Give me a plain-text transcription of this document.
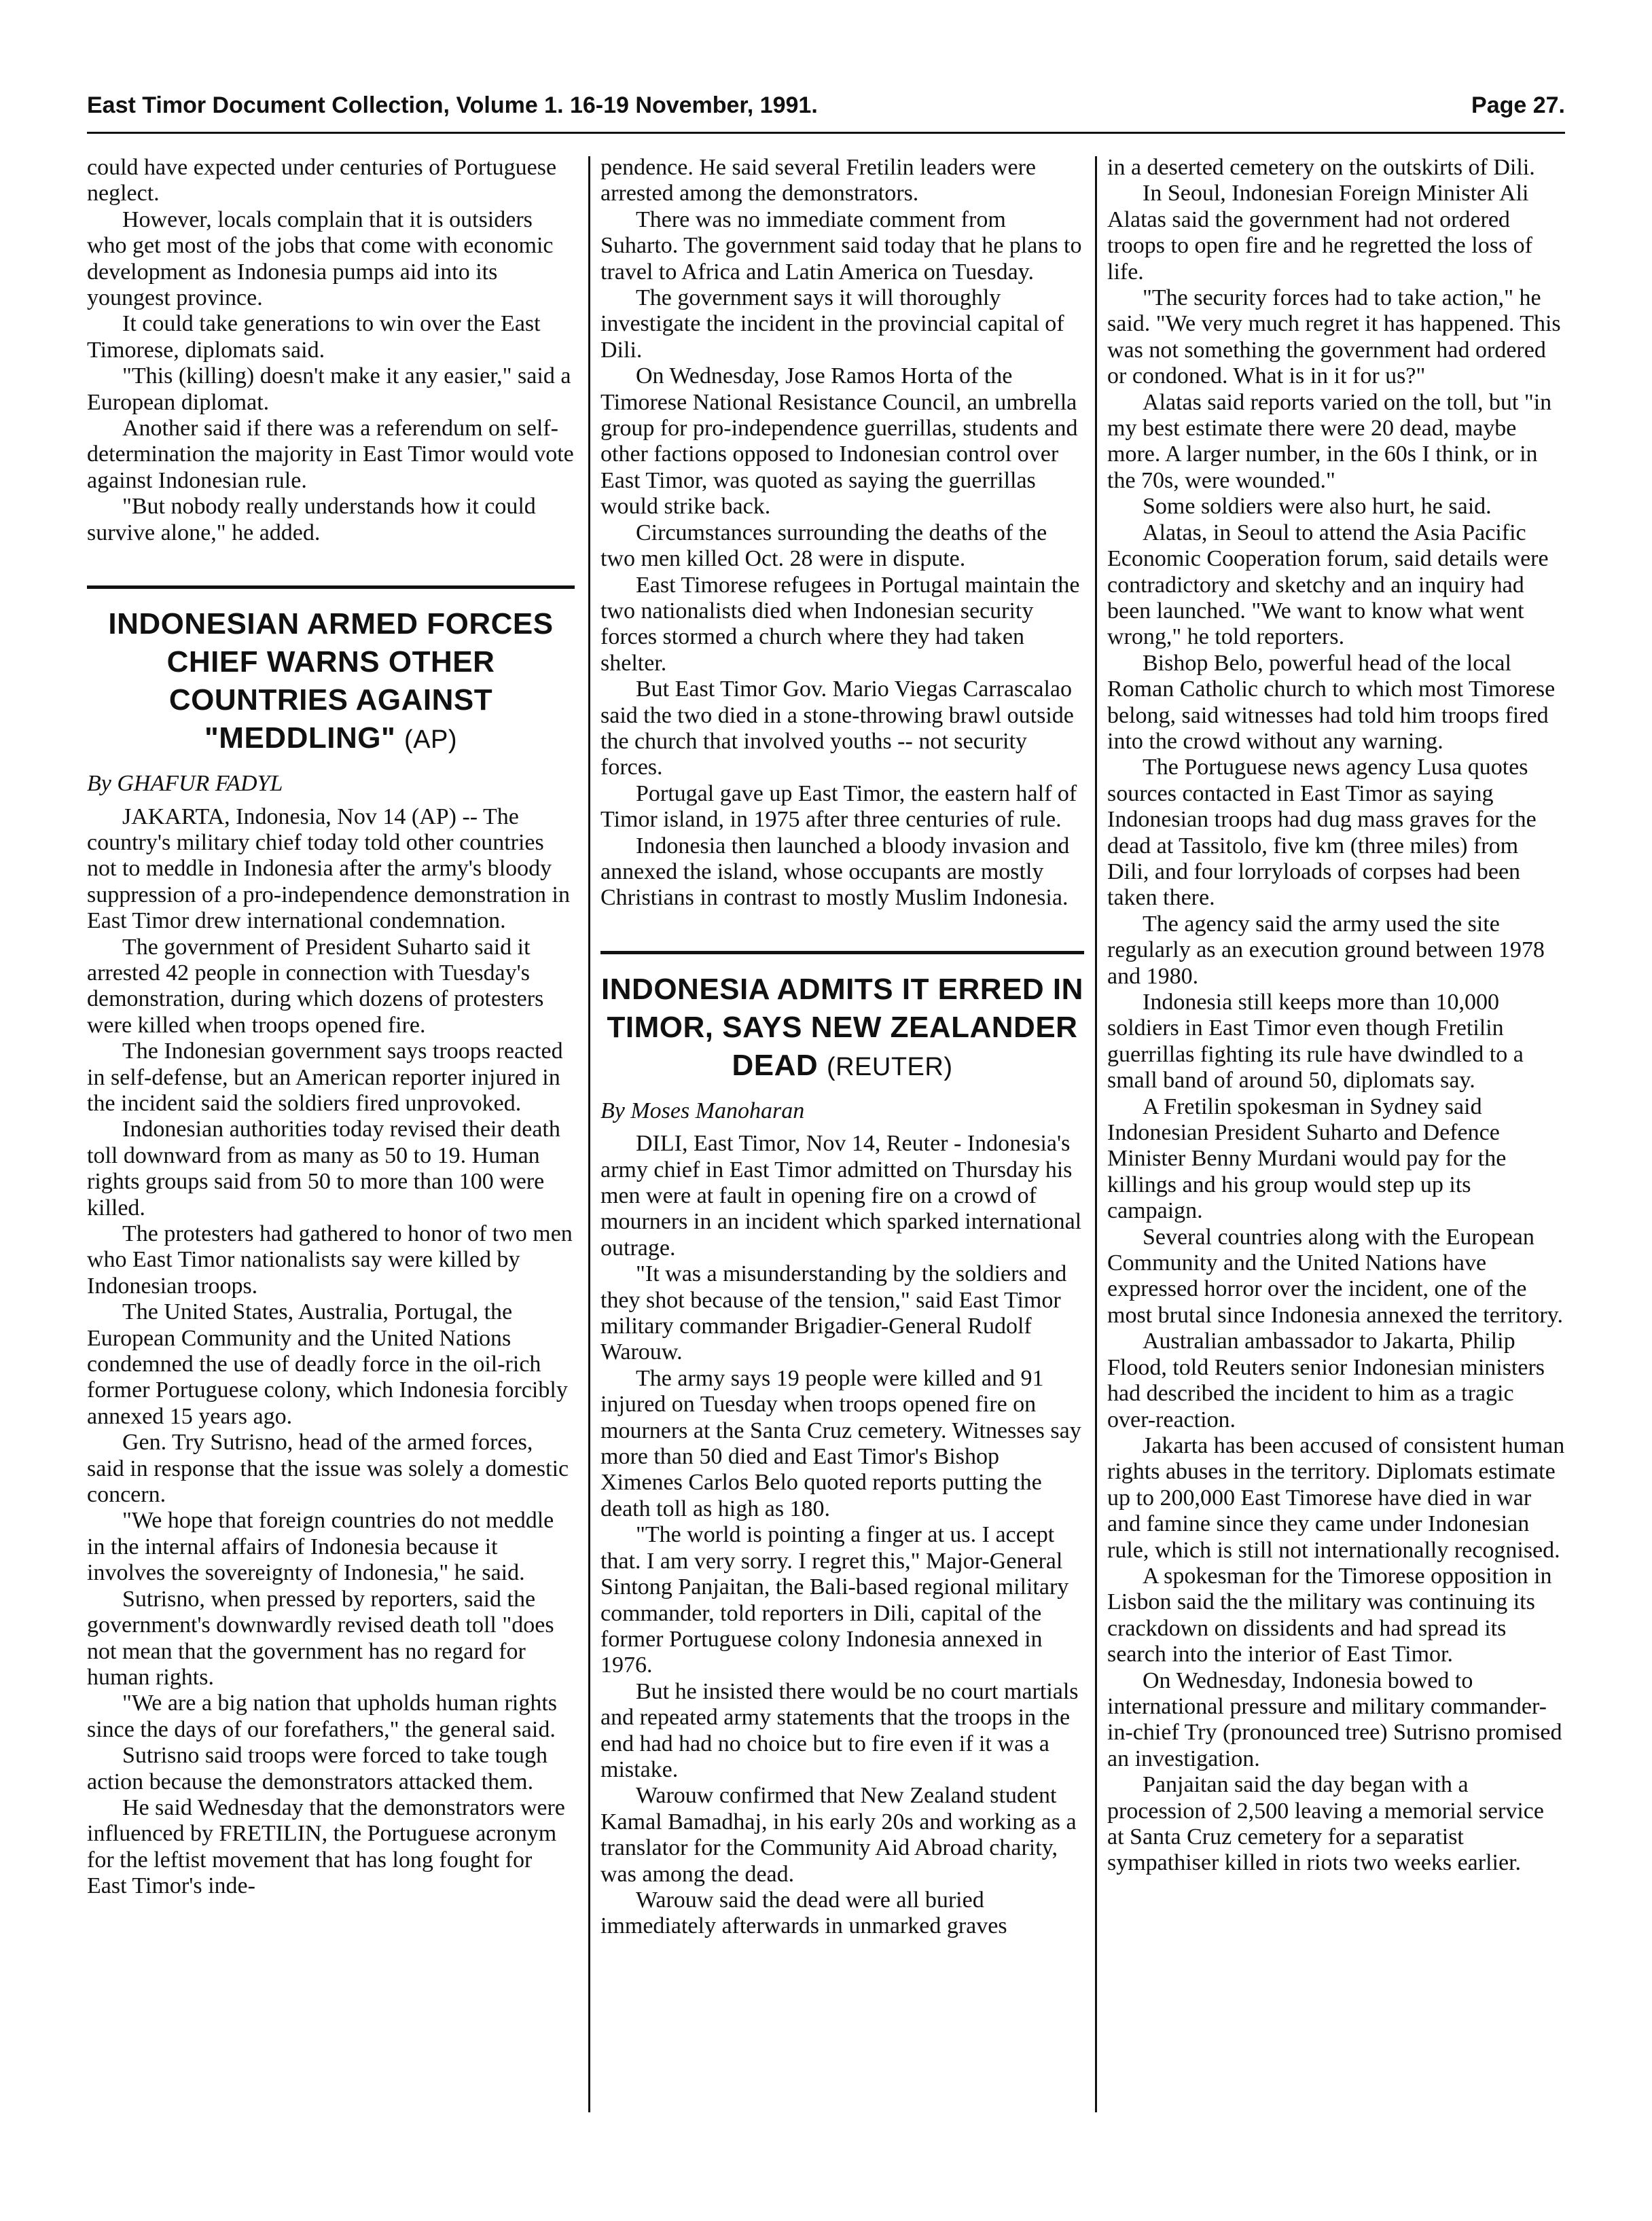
East Timor Document Collection, Volume 1. 16-19 November, 1991.	Page 27.

could have expected under centuries of Portuguese neglect.

However, locals complain that it is outsiders who get most of the jobs that come with economic development as Indonesia pumps aid into its youngest province.

It could take generations to win over the East Timorese, diplomats said.

"This (killing) doesn't make it any easier," said a European diplomat.

Another said if there was a referendum on self-determination the majority in East Timor would vote against Indonesian rule.

"But nobody really understands how it could survive alone," he added.

INDONESIAN ARMED FORCES CHIEF WARNS OTHER COUNTRIES AGAINST "MEDDLING" (AP)
By GHAFUR FADYL

JAKARTA, Indonesia, Nov 14 (AP) -- The country's military chief today told other countries not to meddle in Indonesia after the army's bloody suppression of a pro-independence demonstration in East Timor drew international condemnation.

The government of President Suharto said it arrested 42 people in connection with Tuesday's demonstration, during which dozens of protesters were killed when troops opened fire.

The Indonesian government says troops reacted in self-defense, but an American reporter injured in the incident said the soldiers fired unprovoked.

Indonesian authorities today revised their death toll downward from as many as 50 to 19. Human rights groups said from 50 to more than 100 were killed.

The protesters had gathered to honor of two men who East Timor nationalists say were killed by Indonesian troops.

The United States, Australia, Portugal, the European Community and the United Nations condemned the use of deadly force in the oil-rich former Portuguese colony, which Indonesia forcibly annexed 15 years ago.

Gen. Try Sutrisno, head of the armed forces, said in response that the issue was solely a domestic concern.

"We hope that foreign countries do not meddle in the internal affairs of Indonesia because it involves the sovereignty of Indonesia," he said.

Sutrisno, when pressed by reporters, said the government's downwardly revised death toll "does not mean that the government has no regard for human rights.

"We are a big nation that upholds human rights since the days of our forefathers," the general said.

Sutrisno said troops were forced to take tough action because the demonstrators attacked them.

He said Wednesday that the demonstrators were influenced by FRETILIN, the Portuguese acronym for the leftist movement that has long fought for East Timor's inde-

pendence. He said several Fretilin leaders were arrested among the demonstrators.

There was no immediate comment from Suharto. The government said today that he plans to travel to Africa and Latin America on Tuesday.

The government says it will thoroughly investigate the incident in the provincial capital of Dili.

On Wednesday, Jose Ramos Horta of the Timorese National Resistance Council, an umbrella group for pro-independence guerrillas, students and other factions opposed to Indonesian control over East Timor, was quoted as saying the guerrillas would strike back.

Circumstances surrounding the deaths of the two men killed Oct. 28 were in dispute.

East Timorese refugees in Portugal maintain the two nationalists died when Indonesian security forces stormed a church where they had taken shelter.

But East Timor Gov. Mario Viegas Carrascalao said the two died in a stone-throwing brawl outside the church that involved youths -- not security forces.

Portugal gave up East Timor, the eastern half of Timor island, in 1975 after three centuries of rule.

Indonesia then launched a bloody invasion and annexed the island, whose occupants are mostly Christians in contrast to mostly Muslim Indonesia.

INDONESIA ADMITS IT ERRED IN TIMOR, SAYS NEW ZEALANDER DEAD (REUTER)
By Moses Manoharan

DILI, East Timor, Nov 14, Reuter - Indonesia's army chief in East Timor admitted on Thursday his men were at fault in opening fire on a crowd of mourners in an incident which sparked international outrage.

"It was a misunderstanding by the soldiers and they shot because of the tension," said East Timor military commander Brigadier-General Rudolf Warouw.

The army says 19 people were killed and 91 injured on Tuesday when troops opened fire on mourners at the Santa Cruz cemetery. Witnesses say more than 50 died and East Timor's Bishop Ximenes Carlos Belo quoted reports putting the death toll as high as 180.

"The world is pointing a finger at us. I accept that. I am very sorry. I regret this," Major-General Sintong Panjaitan, the Bali-based regional military commander, told reporters in Dili, capital of the former Portuguese colony Indonesia annexed in 1976.

But he insisted there would be no court martials and repeated army statements that the troops in the end had had no choice but to fire even if it was a mistake.

Warouw confirmed that New Zealand student Kamal Bamadhaj, in his early 20s and working as a translator for the Community Aid Abroad charity, was among the dead.

Warouw said the dead were all buried immediately afterwards in unmarked graves

in a deserted cemetery on the outskirts of Dili.

In Seoul, Indonesian Foreign Minister Ali Alatas said the government had not ordered troops to open fire and he regretted the loss of life.

"The security forces had to take action," he said. "We very much regret it has happened. This was not something the government had ordered or condoned. What is in it for us?"

Alatas said reports varied on the toll, but "in my best estimate there were 20 dead, maybe more. A larger number, in the 60s I think, or in the 70s, were wounded."

Some soldiers were also hurt, he said.

Alatas, in Seoul to attend the Asia Pacific Economic Cooperation forum, said details were contradictory and sketchy and an inquiry had been launched. "We want to know what went wrong," he told reporters.

Bishop Belo, powerful head of the local Roman Catholic church to which most Timorese belong, said witnesses had told him troops fired into the crowd without any warning.

The Portuguese news agency Lusa quotes sources contacted in East Timor as saying Indonesian troops had dug mass graves for the dead at Tassitolo, five km (three miles) from Dili, and four lorryloads of corpses had been taken there.

The agency said the army used the site regularly as an execution ground between 1978 and 1980.

Indonesia still keeps more than 10,000 soldiers in East Timor even though Fretilin guerrillas fighting its rule have dwindled to a small band of around 50, diplomats say.

A Fretilin spokesman in Sydney said Indonesian President Suharto and Defence Minister Benny Murdani would pay for the killings and his group would step up its campaign.

Several countries along with the European Community and the United Nations have expressed horror over the incident, one of the most brutal since Indonesia annexed the territory.

Australian ambassador to Jakarta, Philip Flood, told Reuters senior Indonesian ministers had described the incident to him as a tragic over-reaction.

Jakarta has been accused of consistent human rights abuses in the territory. Diplomats estimate up to 200,000 East Timorese have died in war and famine since they came under Indonesian rule, which is still not internationally recognised.

A spokesman for the Timorese opposition in Lisbon said the the military was continuing its crackdown on dissidents and had spread its search into the interior of East Timor.

On Wednesday, Indonesia bowed to international pressure and military commander-in-chief Try (pronounced tree) Sutrisno promised an investigation.

Panjaitan said the day began with a procession of 2,500 leaving a memorial service at Santa Cruz cemetery for a separatist sympathiser killed in riots two weeks earlier.
